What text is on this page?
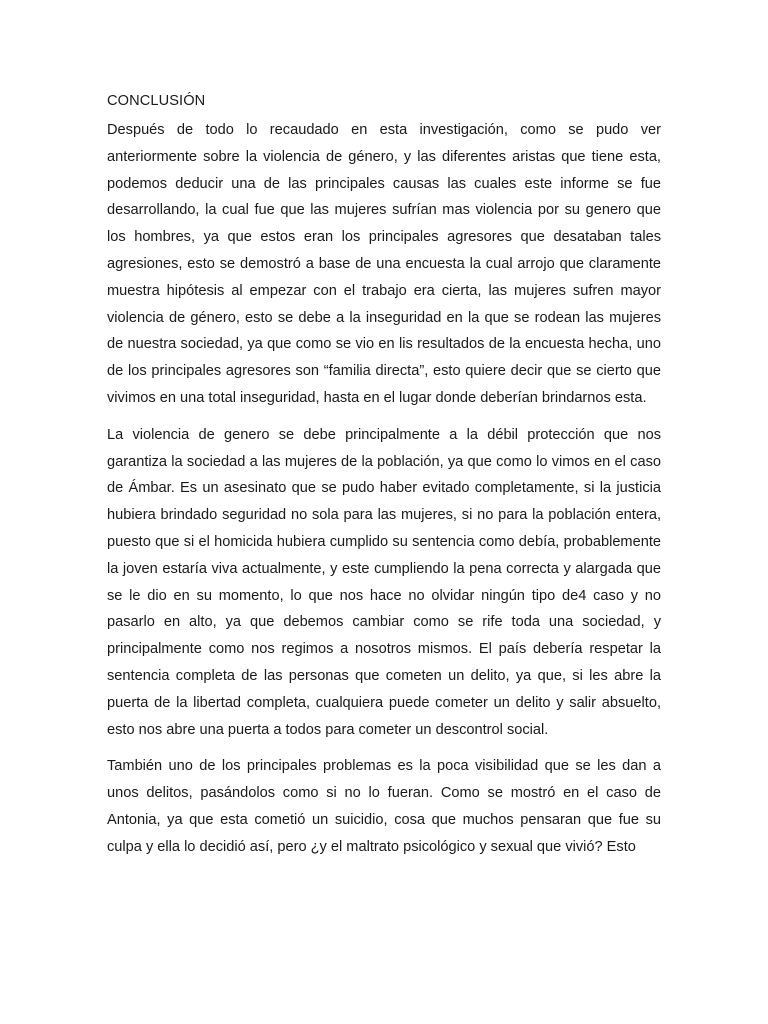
CONCLUSIÓN

Después de todo lo recaudado en esta investigación, como se pudo ver anteriormente sobre la violencia de género, y las diferentes aristas que tiene esta, podemos deducir una de las principales causas las cuales este informe se fue desarrollando, la cual fue que las mujeres sufrían mas violencia por su genero que los hombres, ya que estos eran los principales agresores que desataban tales agresiones, esto se demostró a base de una encuesta la cual arrojo que claramente muestra hipótesis al empezar con el trabajo era cierta, las mujeres sufren mayor violencia de género, esto se debe a la inseguridad en la que se rodean las mujeres de nuestra sociedad, ya que como se vio en lis resultados de la encuesta hecha, uno de los principales agresores son “familia directa”, esto quiere decir que se cierto que vivimos en una total inseguridad, hasta en el lugar donde deberían brindarnos esta.

La violencia de genero se debe principalmente a la débil protección que nos garantiza la sociedad a las mujeres de la población, ya que como lo vimos en el caso de Ámbar. Es un asesinato que se pudo haber evitado completamente, si la justicia hubiera brindado seguridad no sola para las mujeres, si no para la población entera, puesto que si el homicida hubiera cumplido su sentencia como debía, probablemente la joven estaría viva actualmente, y este cumpliendo la pena correcta y alargada que se le dio en su momento, lo que nos hace no olvidar ningún tipo de4 caso y no pasarlo en alto, ya que debemos cambiar como se rife toda una sociedad, y principalmente como nos regimos a nosotros mismos. El país debería respetar la sentencia completa de las personas que cometen un delito, ya que, si les abre la puerta de la libertad completa, cualquiera puede cometer un delito y salir absuelto, esto nos abre una puerta a todos para cometer un descontrol social.

También uno de los principales problemas es la poca visibilidad que se les dan a unos delitos, pasándolos como si no lo fueran. Como se mostró en el caso de Antonia, ya que esta cometió un suicidio, cosa que muchos pensaran que fue su culpa y ella lo decidió así, pero ¿y el maltrato psicológico y sexual que vivió? Esto
